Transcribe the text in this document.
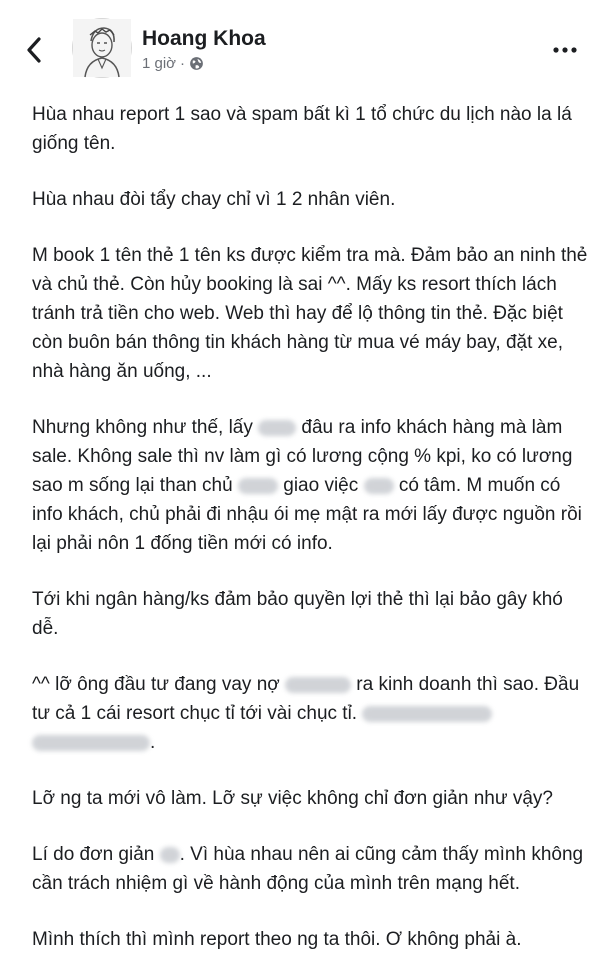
Hoang Khoa
1 giờ ·

Hùa nhau report 1 sao và spam bất kì 1 tổ chức du lịch nào la lá giống tên.

Hùa nhau đòi tẩy chay chỉ vì 1 2 nhân viên.

M book 1 tên thẻ 1 tên ks được kiểm tra mà. Đảm bảo an ninh thẻ và chủ thẻ. Còn hủy booking là sai ^^. Mấy ks resort thích lách tránh trả tiền cho web. Web thì hay để lộ thông tin thẻ. Đặc biệt còn buôn bán thông tin khách hàng từ mua vé máy bay, đặt xe, nhà hàng ăn uống, ...

Nhưng không như thế, lấy	đâu ra info khách hàng mà làm sale. Không sale thì nv làm gì có lương cộng % kpi, ko có lương sao m sống lại than chủ	giao việc có tâm. M muốn có info khách, chủ phải đi nhậu ói mẹ mật ra mới lấy được nguồn rồi lại phải nôn 1 đống tiền mới có info.

Tới khi ngân hàng/ks đảm bảo quyền lợi thẻ thì lại bảo gây khó dễ.

^^ lỡ ông đầu tư đang vay nợ	ra kinh doanh thì sao. Đầu tư cả 1 cái resort chục tỉ tới vài chục tỉ.  .

Lỡ ng ta mới vô làm. Lỡ sự việc không chỉ đơn giản như vậy?

Lí do đơn giản . Vì hùa nhau nên ai cũng cảm thấy mình không cần trách nhiệm gì về hành động của mình trên mạng hết.

Mình thích thì mình report theo ng ta thôi. Ơ không phải à.
